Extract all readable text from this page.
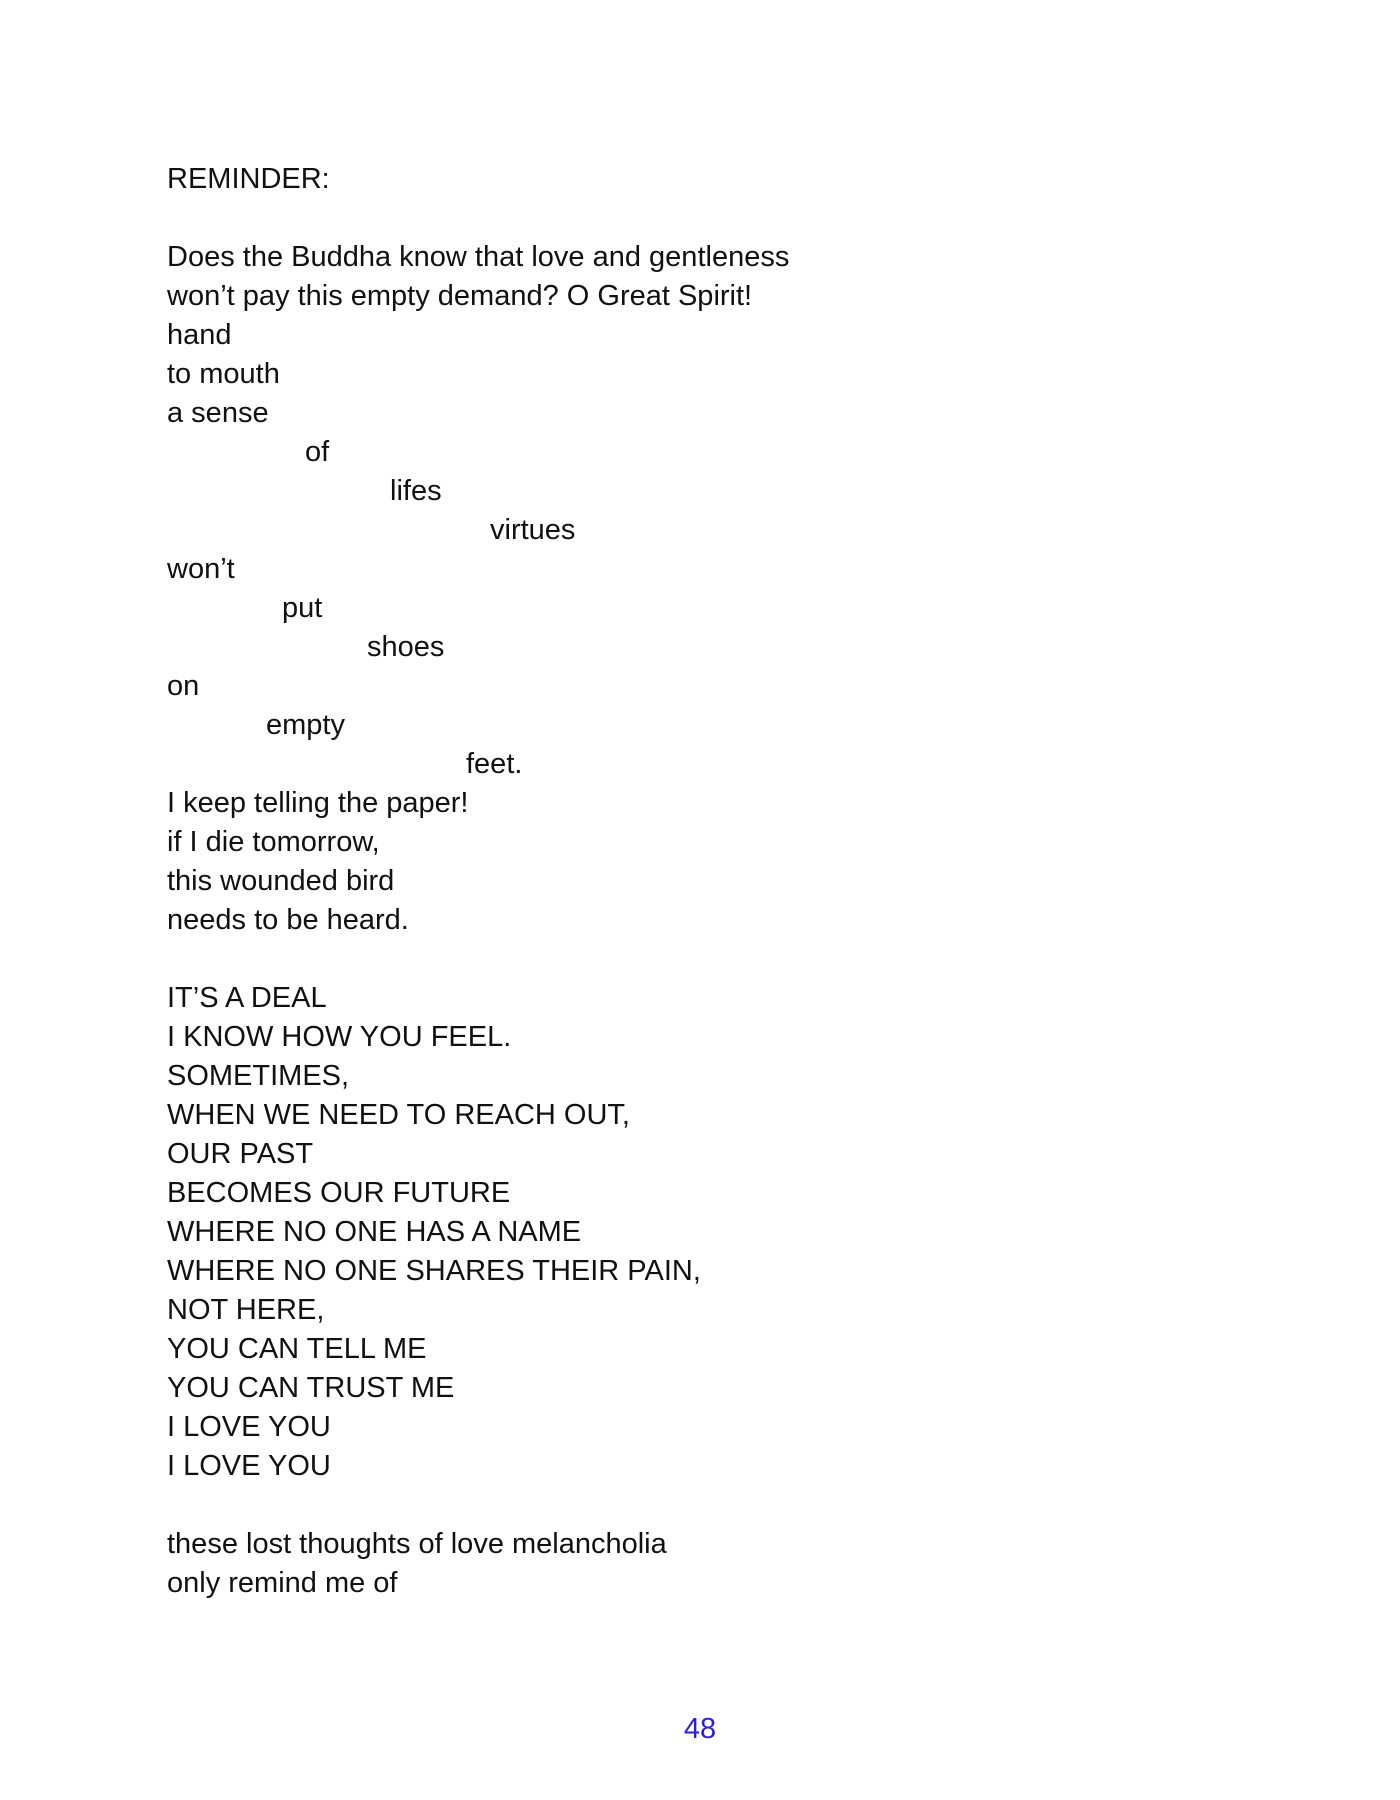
REMINDER:
Does the Buddha know that love and gentleness
won’t pay this empty demand? O Great Spirit!
hand
to mouth
a sense
of
lifes
virtues
won’t
put
shoes
on
empty
feet.
I keep telling the paper!
if I die tomorrow,
this wounded bird
needs to be heard.
IT’S A DEAL
I KNOW HOW YOU FEEL.
SOMETIMES,
WHEN WE NEED TO REACH OUT,
OUR PAST
BECOMES OUR FUTURE
WHERE NO ONE HAS A NAME
WHERE NO ONE SHARES THEIR PAIN,
NOT HERE,
YOU CAN TELL ME
YOU CAN TRUST ME
I LOVE YOU
I LOVE YOU
these lost thoughts of love melancholia
only remind me of
48
